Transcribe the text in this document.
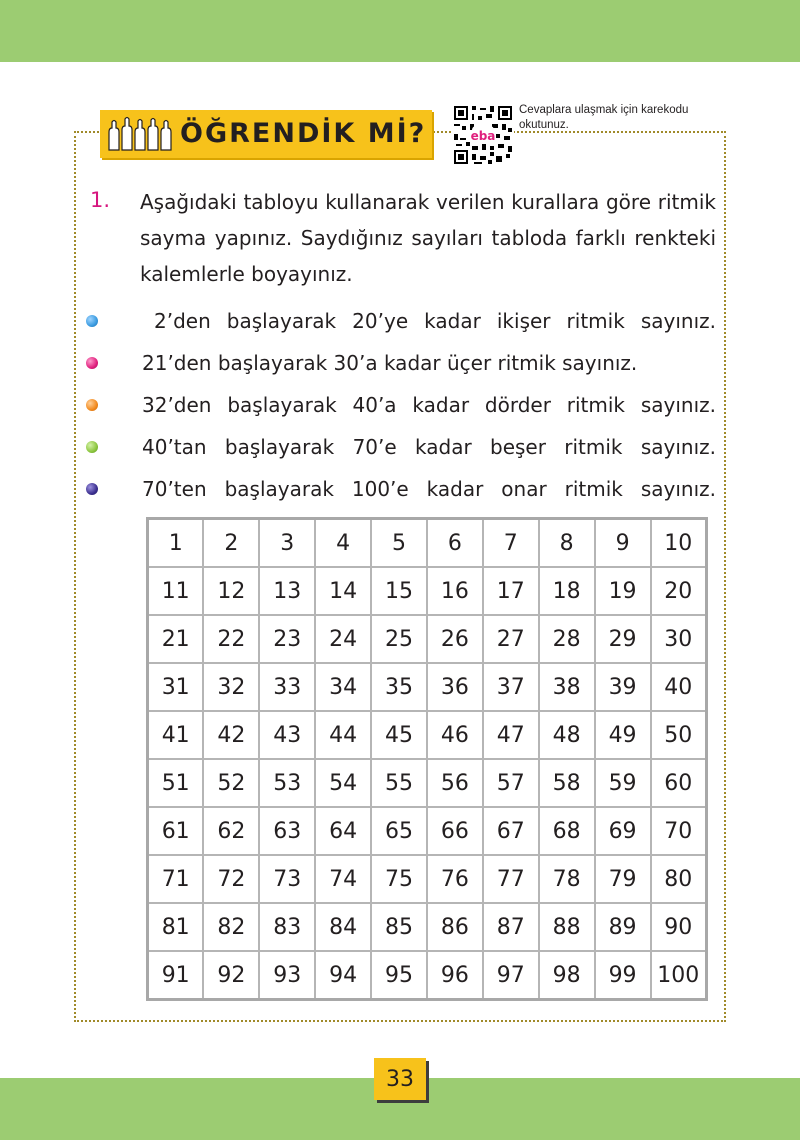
ÖĞRENDİK Mİ?	eba
Cevaplara ulaşmak için karekodu okutunuz.
1. Aşağıdaki tabloyu kullanarak verilen kurallara göre ritmik sayma yapınız. Saydığınız sayıları tabloda farklı renkteki kalemlerle boyayınız.
2’den başlayarak 20’ye kadar ikişer ritmik sayınız.
21’den başlayarak 30’a kadar üçer ritmik sayınız.
32’den başlayarak 40’a kadar dörder ritmik sayınız.
40’tan başlayarak 70’e kadar beşer ritmik sayınız.
70’ten başlayarak 100’e kadar onar ritmik sayınız.
1	2	3	4	5	6	7	8	9	10
11	12	13	14	15	16	17	18	19	20
21	22	23	24	25	26	27	28	29	30
31	32	33	34	35	36	37	38	39	40
41	42	43	44	45	46	47	48	49	50
51	52	53	54	55	56	57	58	59	60
61	62	63	64	65	66	67	68	69	70
71	72	73	74	75	76	77	78	79	80
81	82	83	84	85	86	87	88	89	90
91	92	93	94	95	96	97	98	99	100
33
